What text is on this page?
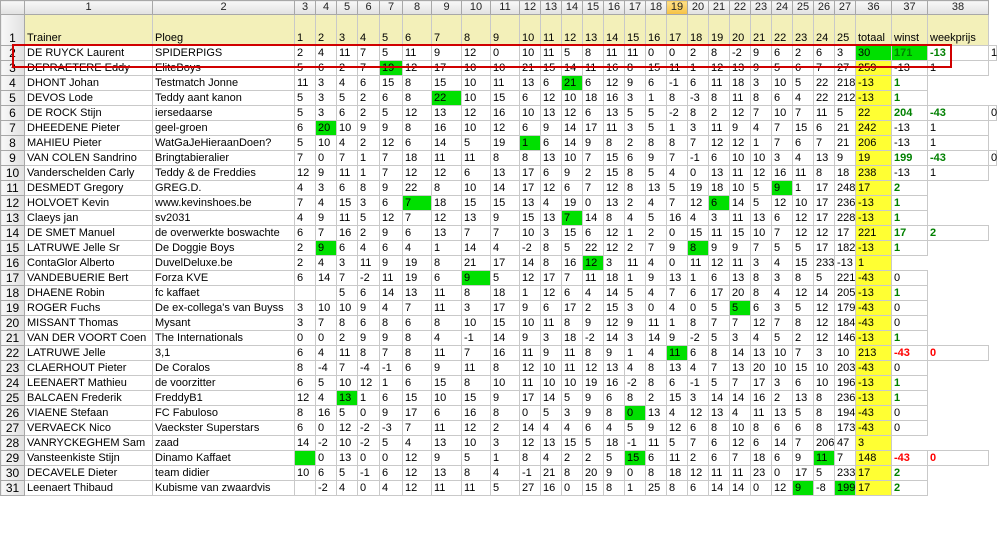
	1	2	3	4	5	6	7	8	9	10	11	12	13	14	15	16	17	18	19	20	21	22	23	24	25	26	27	36	37	38	
1	Trainer	Ploeg	1	2	3	4	5	6	7	8	9	10	11	12	13	14	15	16	17	18	19	20	21	22	23	24	25	totaal	winst	weekprijs	
2	DE RUYCK Laurent	SPIDERPIGS	2	4	11	7	5	11	9	12	0	10	11	5	8	11	11	0	0	2	8	-2	9	6	2	6	3	30	171	-13	1
3	DEPRAETERE Eddy	EliteBoys	5	6	2	7	19	12	17	10	10	21	15	14	11	16	8	15	11	1	12	13	9	5	6	7	27	259	-13	1	
4	DHONT Johan	Testmatch Jonne	11	3	4	6	15	8	15	10	11	13	6	21	6	12	9	6	-1	6	11	18	3	10	5	22	218	-13	1		
5	DEVOS Lode	Teddy aant kanon	5	3	5	2	6	8	22	10	15	6	12	10	18	16	3	1	8	-3	8	11	8	6	4	22	212	-13	1		
6	DE ROCK Stijn	iersedaarse	5	3	6	2	5	12	13	12	16	10	13	12	6	13	5	5	-2	8	2	12	7	10	7	11	5	22	204	-43	0
7	DHEEDENE Pieter	geel-groen	6	20	10	9	9	8	16	10	12	6	9	14	17	11	3	5	1	3	11	9	4	7	15	6	21	242	-13	1	
8	MAHIEU Pieter	WatGaJeHieraanDoen?	5	10	4	2	12	6	14	5	19	1	6	14	9	8	2	8	8	7	12	12	1	7	6	7	21	206	-13	1	
9	VAN COLEN Sandrino	Bringtabieralier	7	0	7	1	7	18	11	11	8	8	13	10	7	15	6	9	7	-1	6	10	10	3	4	13	9	19	199	-43	0
10	Vanderschelden Carly	Teddy & de Freddies	12	9	11	1	7	12	12	6	13	17	6	9	2	15	8	5	4	0	13	11	12	16	11	8	18	238	-13	1	
11	DESMEDT Gregory	GREG.D.	4	3	6	8	9	22	8	10	14	17	12	6	7	12	8	13	5	19	18	10	5	9	1	17	248	17	2		
12	HOLVOET Kevin	www.kevinshoes.be	7	4	15	3	6	7	18	15	15	13	4	19	0	13	2	4	7	12	6	14	5	12	10	17	236	-13	1		
13	Claeys jan	sv2031	4	9	11	5	12	7	12	13	9	15	13	7	14	8	4	5	16	4	3	11	13	6	12	17	228	-13	1		
14	DE SMET Manuel	de overwerkte boswachte	6	7	16	2	9	6	13	7	7	10	3	15	6	12	1	2	0	15	11	15	10	7	12	12	17	221	17	2	
15	LATRUWE Jelle Sr	De Doggie Boys	2	9	6	4	6	4	1	14	4	-2	8	5	22	12	2	7	9	8	9	9	7	5	5	17	182	-13	1		
16	ContaGlor Alberto	DuvelDeluxe.be	2	4	3	11	9	19	8	21	17	14	8	16	12	3	11	4	0	11	12	11	3	4	15	233	-13	1			
17	VANDEBUERIE Bert	Forza KVE	6	14	7	-2	11	19	6	9	5	12	17	7	11	18	1	9	13	1	6	13	8	3	8	5	221	-43	0		
18	DHAENE Robin	fc kaffaet			5	6	14	13	11	8	18	1	12	6	4	14	5	4	7	6	17	20	8	4	12	14	205	-13	1		
19	ROGER Fuchs	De ex-collega's van Buyss	3	10	10	9	4	7	11	3	17	9	6	17	2	15	3	0	4	0	5	5	6	3	5	12	179	-43	0		
20	MISSANT Thomas	Mysant	3	7	8	6	8	6	8	10	15	10	11	8	9	12	9	11	1	8	7	7	12	7	8	12	184	-43	0		
21	VAN DER VOORT Coen	The Internationals	0	0	2	9	9	8	4	-1	14	9	3	18	-2	14	3	14	9	-2	5	3	4	5	2	12	146	-13	1		
22	LATRUWE Jelle	3,1	6	4	11	8	7	8	11	7	16	11	9	11	8	9	1	4	11	6	8	14	13	10	7	3	10	213	-43	0	
23	CLAERHOUT Pieter	De Coralos	8	-4	7	-4	-1	6	9	11	8	12	10	11	12	13	4	8	13	4	7	13	20	10	15	10	203	-43	0		
24	LEENAERT Mathieu	de voorzitter	6	5	10	12	1	6	15	8	10	11	10	10	19	16	-2	8	6	-1	5	7	17	3	6	10	196	-13	1		
25	BALCAEN Frederik	FreddyB1	12	4	13	1	6	15	10	15	9	17	14	5	9	6	8	2	15	3	14	14	16	2	13	8	236	-13	1		
26	VIAENE Stefaan	FC Fabuloso	8	16	5	0	9	17	6	16	8	0	5	3	9	8	0	13	4	12	13	4	11	13	5	8	194	-43	0		
27	VERVAECK Nico	Vaeckster Superstars	6	0	12	-2	-3	7	11	12	2	14	4	4	6	4	5	9	12	6	8	10	8	6	6	8	173	-43	0		
28	VANRYCKEGHEM Sam	zaad	14	-2	10	-2	5	4	13	10	3	12	13	15	5	18	-1	11	5	7	6	12	6	14	7	206	47	3			
29	Vansteenkiste Stijn	Dinamo Kaffaet		0	13	0	0	12	9	5	1	8	4	2	2	5	15	6	11	2	6	7	18	6	9	11	7	148	-43	0	
30	DECAVELE Dieter	team didier	10	6	5	-1	6	12	13	8	4	-1	21	8	20	9	0	8	18	12	11	11	23	0	17	5	233	17	2		
31	Leenaert Thibaud	Kubisme van zwaardvis		-2	4	0	4	12	11	11	5	27	16	0	15	8	1	25	8	6	14	14	0	12	9	-8	199	17	2		
